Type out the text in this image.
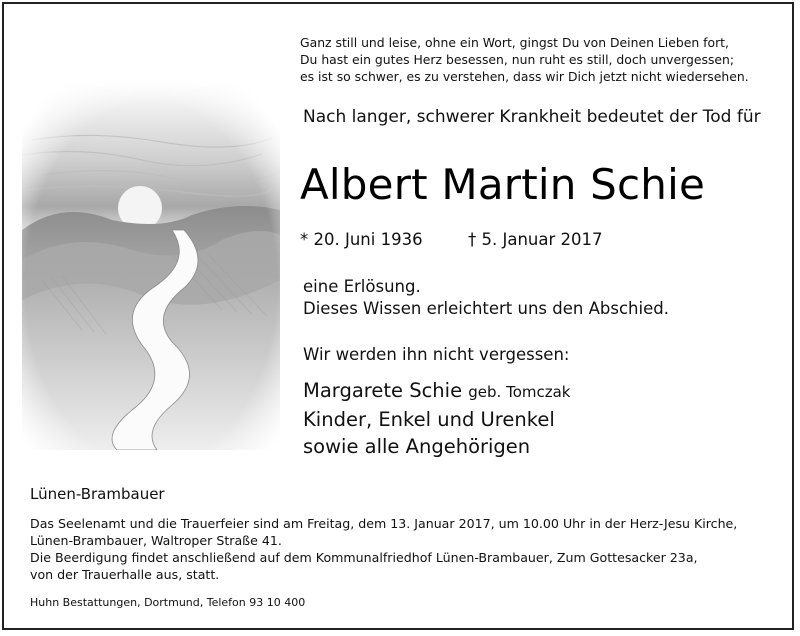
Ganz still und leise, ohne ein Wort, gingst Du von Deinen Lieben fort,
Du hast ein gutes Herz besessen, nun ruht es still, doch unvergessen;
es ist so schwer, es zu verstehen, dass wir Dich jetzt nicht wiedersehen.
Nach langer, schwerer Krankheit bedeutet der Tod für
Albert Martin Schie
* 20. Juni 1936	† 5. Januar 2017
eine Erlösung.
Dieses Wissen erleichtert uns den Abschied.
Wir werden ihn nicht vergessen:
Margarete Schie geb. Tomczak
Kinder, Enkel und Urenkel
sowie alle Angehörigen
Lünen-Brambauer
Das Seelenamt und die Trauerfeier sind am Freitag, dem 13. Januar 2017, um 10.00 Uhr in der Herz-Jesu Kirche,
Lünen-Brambauer, Waltroper Straße 41.
Die Beerdigung findet anschließend auf dem Kommunalfriedhof Lünen-Brambauer, Zum Gottesacker 23a,
von der Trauerhalle aus, statt.
Huhn Bestattungen, Dortmund, Telefon 93 10 400
